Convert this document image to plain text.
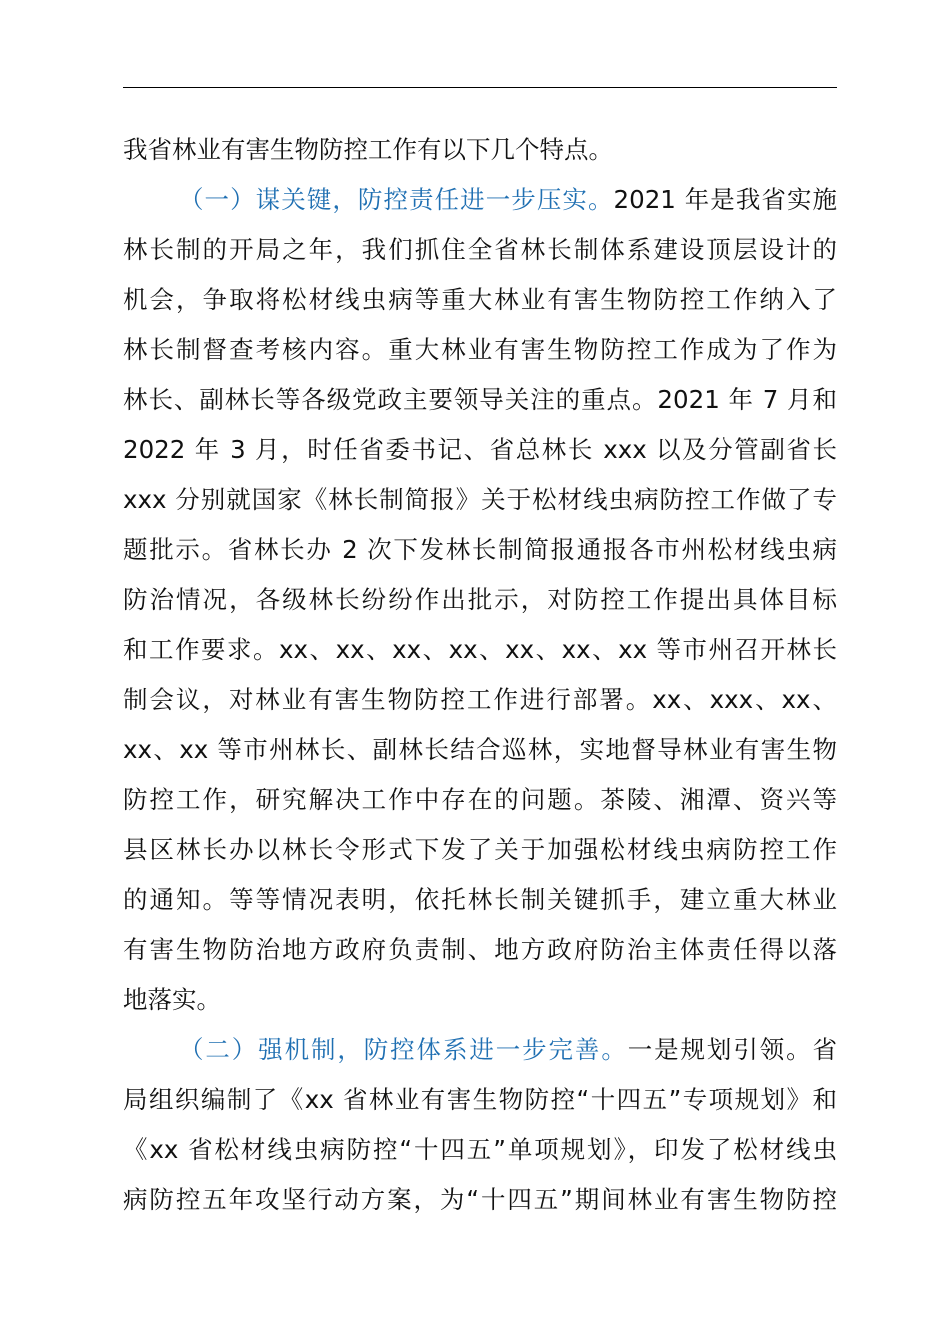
我省林业有害生物防控工作有以下几个特点。
（一）谋关键，防控责任进一步压实。2021 年是我省实施
林长制的开局之年，我们抓住全省林长制体系建设顶层设计的
机会，争取将松材线虫病等重大林业有害生物防控工作纳入了
林长制督查考核内容。重大林业有害生物防控工作成为了作为
林长、副林长等各级党政主要领导关注的重点。2021 年 7 月和
2022 年 3 月，时任省委书记、省总林长 xxx 以及分管副省长
xxx 分别就国家《林长制简报》关于松材线虫病防控工作做了专
题批示。省林长办 2 次下发林长制简报通报各市州松材线虫病
防治情况，各级林长纷纷作出批示，对防控工作提出具体目标
和工作要求。xx、xx、xx、xx、xx、xx、xx 等市州召开林长
制会议，对林业有害生物防控工作进行部署。xx、xxx、xx、
xx、xx 等市州林长、副林长结合巡林，实地督导林业有害生物
防控工作，研究解决工作中存在的问题。茶陵、湘潭、资兴等
县区林长办以林长令形式下发了关于加强松材线虫病防控工作
的通知。等等情况表明，依托林长制关键抓手，建立重大林业
有害生物防治地方政府负责制、地方政府防治主体责任得以落
地落实。
（二）强机制，防控体系进一步完善。一是规划引领。省
局组织编制了《xx 省林业有害生物防控“十四五”专项规划》和
《xx 省松材线虫病防控“十四五”单项规划》，印发了松材线虫
病防控五年攻坚行动方案，为“十四五”期间林业有害生物防控
